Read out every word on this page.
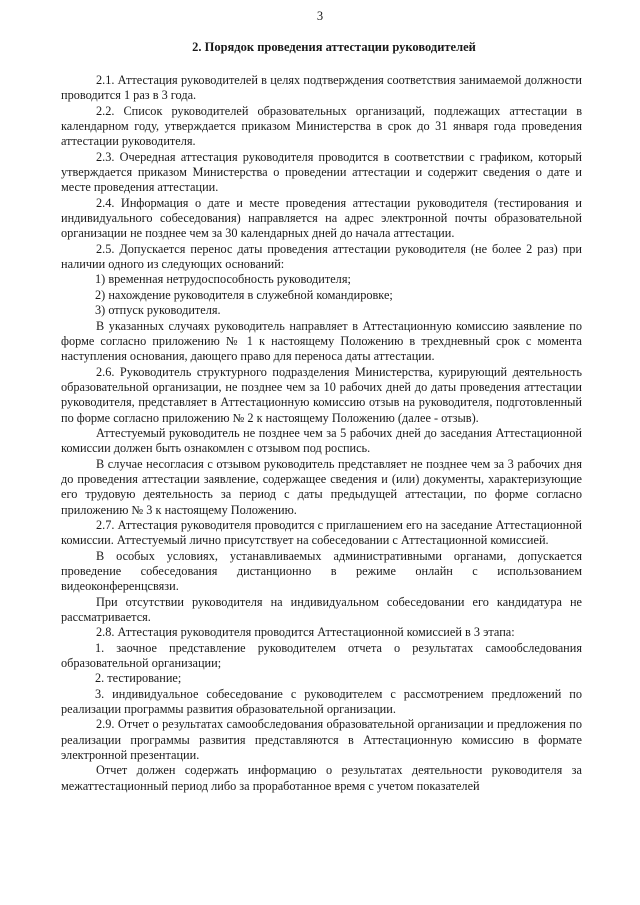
3
2. Порядок проведения аттестации руководителей

2.1. Аттестация руководителей в целях подтверждения соответствия занимаемой должности проводится 1 раз в 3 года.

2.2. Список руководителей образовательных организаций, подлежащих аттестации в календарном году, утверждается приказом Министерства в срок до 31 января года проведения аттестации руководителя.

2.3. Очередная аттестация руководителя проводится в соответствии с графиком, который утверждается приказом Министерства о проведении аттестации и содержит сведения о дате и месте проведения аттестации.

2.4. Информация о дате и месте проведения аттестации руководителя (тестирования и индивидуального собеседования) направляется на адрес электронной почты образовательной организации не позднее чем за 30 календарных дней до начала аттестации.

2.5. Допускается перенос даты проведения аттестации руководителя (не более 2 раз) при наличии одного из следующих оснований:

1) временная нетрудоспособность руководителя;

2) нахождение руководителя в служебной командировке;

3) отпуск руководителя.

В указанных случаях руководитель направляет в Аттестационную комиссию заявление по форме согласно приложению № 1 к настоящему Положению в трехдневный срок с момента наступления основания, дающего право для переноса даты аттестации.

2.6. Руководитель структурного подразделения Министерства, курирующий деятельность образовательной организации, не позднее чем за 10 рабочих дней до даты проведения аттестации руководителя, представляет в Аттестационную комиссию отзыв на руководителя, подготовленный по форме согласно приложению № 2 к настоящему Положению (далее - отзыв).

Аттестуемый руководитель не позднее чем за 5 рабочих дней до заседания Аттестационной комиссии должен быть ознакомлен с отзывом под роспись.

В случае несогласия с отзывом руководитель представляет не позднее чем за 3 рабочих дня до проведения аттестации заявление, содержащее сведения и (или) документы, характеризующие его трудовую деятельность за период с даты предыдущей аттестации, по форме согласно приложению № 3 к настоящему Положению.

2.7. Аттестация руководителя проводится с приглашением его на заседание Аттестационной комиссии. Аттестуемый лично присутствует на собеседовании с Аттестационной комиссией.

В особых условиях, устанавливаемых административными органами, допускается проведение собеседования дистанционно в режиме онлайн с использованием видеоконференцсвязи.

При отсутствии руководителя на индивидуальном собеседовании его кандидатура не рассматривается.

2.8. Аттестация руководителя проводится Аттестационной комиссией в 3 этапа:

1. заочное представление руководителем отчета о результатах самообследования образовательной организации;

2. тестирование;

3. индивидуальное собеседование с руководителем с рассмотрением предложений по реализации программы развития образовательной организации.

2.9. Отчет о результатах самообследования образовательной организации и предложения по реализации программы развития представляются в Аттестационную комиссию в формате электронной презентации.

Отчет должен содержать информацию о результатах деятельности руководителя за межаттестационный период либо за проработанное время с учетом показателей
